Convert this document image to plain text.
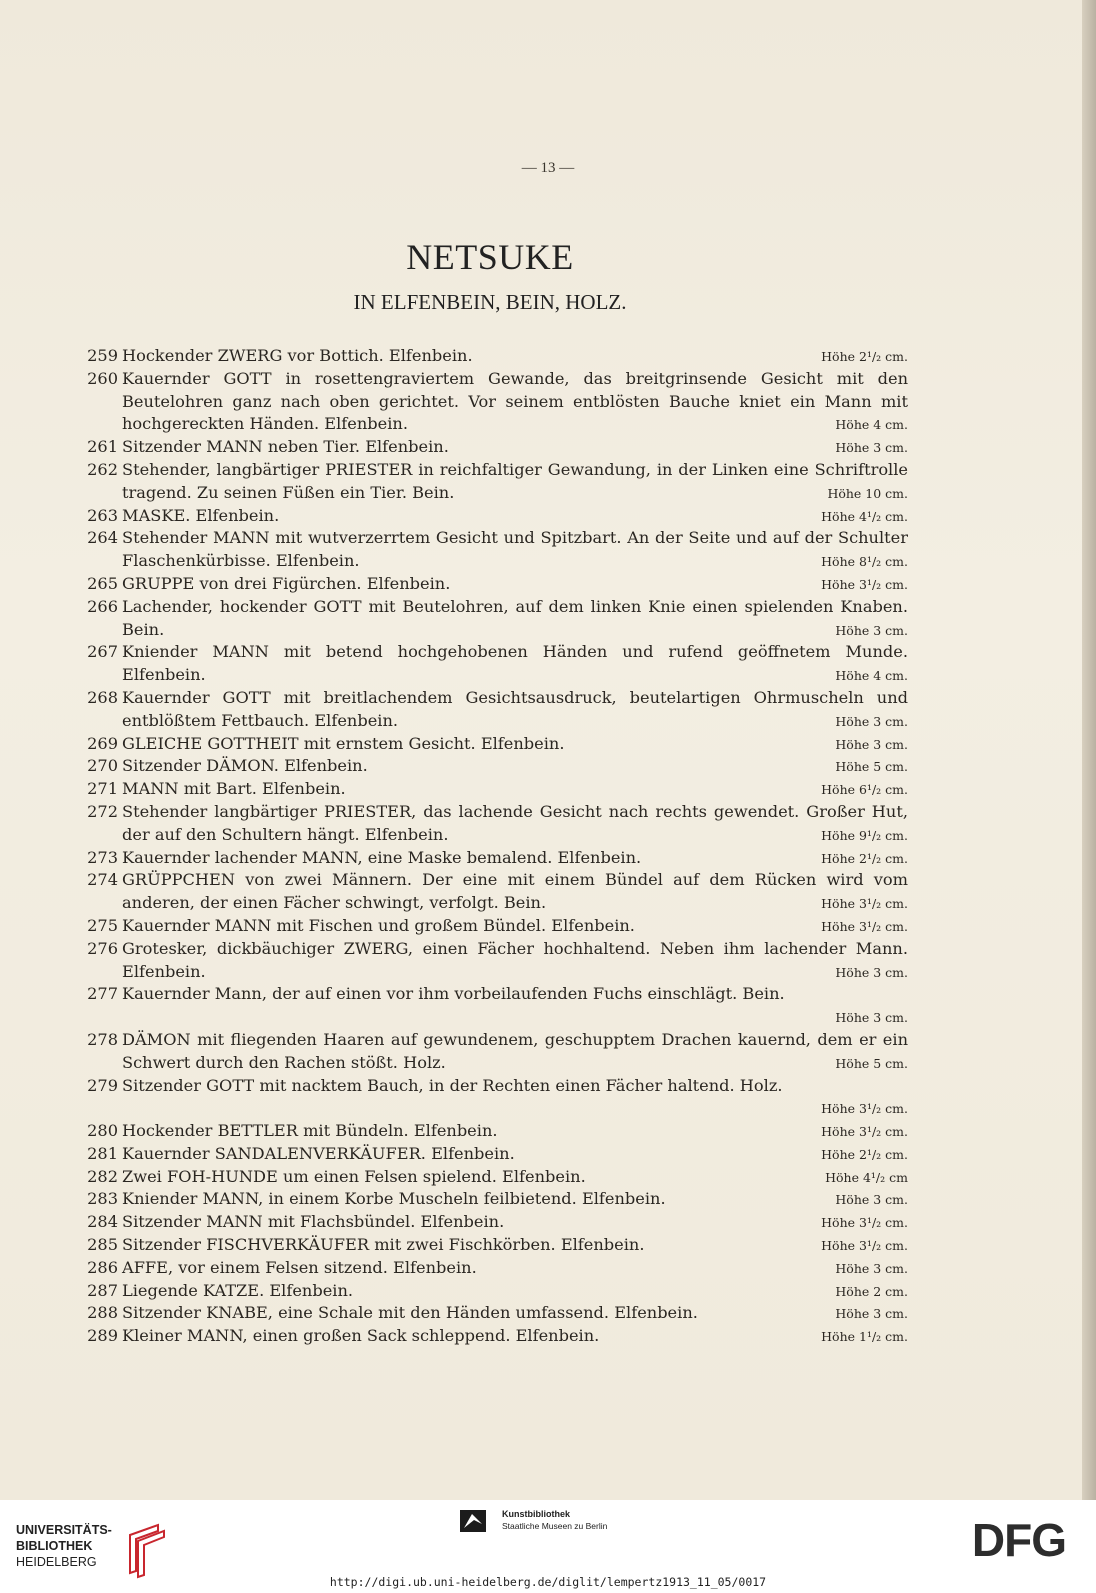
— 13 —
NETSUKE
IN ELFENBEIN, BEIN, HOLZ.
259 Hockender ZWERG vor Bottich. Elfenbein.	Höhe 2¹/₂ cm.
260 Kauernder GOTT in rosettengraviertem Gewande, das breitgrinsende Gesicht mit den Beutelohren ganz nach oben gerichtet. Vor seinem entblösten Bauche kniet ein Mann mit hochgereckten Händen. Elfenbein.	Höhe 4 cm.
261 Sitzender MANN neben Tier. Elfenbein.	Höhe 3 cm.
262 Stehender, langbärtiger PRIESTER in reichfaltiger Gewandung, in der Linken eine Schriftrolle tragend. Zu seinen Füßen ein Tier. Bein.	Höhe 10 cm.
263 MASKE. Elfenbein.	Höhe 4¹/₂ cm.
264 Stehender MANN mit wutverzerrtem Gesicht und Spitzbart. An der Seite und auf der Schulter Flaschenkürbisse. Elfenbein.	Höhe 8¹/₂ cm.
265 GRUPPE von drei Figürchen. Elfenbein.	Höhe 3¹/₂ cm.
266 Lachender, hockender GOTT mit Beutelohren, auf dem linken Knie einen spielenden Knaben. Bein.	Höhe 3 cm.
267 Kniender MANN mit betend hochgehobenen Händen und rufend geöffnetem Munde. Elfenbein.	Höhe 4 cm.
268 Kauernder GOTT mit breitlachendem Gesichtsausdruck, beutelartigen Ohrmuscheln und entblößtem Fettbauch. Elfenbein.	Höhe 3 cm.
269 GLEICHE GOTTHEIT mit ernstem Gesicht. Elfenbein.	Höhe 3 cm.
270 Sitzender DÄMON. Elfenbein.	Höhe 5 cm.
271 MANN mit Bart. Elfenbein.	Höhe 6¹/₂ cm.
272 Stehender langbärtiger PRIESTER, das lachende Gesicht nach rechts gewendet. Großer Hut, der auf den Schultern hängt. Elfenbein.	Höhe 9¹/₂ cm.
273 Kauernder lachender MANN, eine Maske bemalend. Elfenbein.	Höhe 2¹/₂ cm.
274 GRÜPPCHEN von zwei Männern. Der eine mit einem Bündel auf dem Rücken wird vom anderen, der einen Fächer schwingt, verfolgt. Bein.	Höhe 3¹/₂ cm.
275 Kauernder MANN mit Fischen und großem Bündel. Elfenbein.	Höhe 3¹/₂ cm.
276 Grotesker, dickbäuchiger ZWERG, einen Fächer hochhaltend. Neben ihm lachender Mann. Elfenbein.	Höhe 3 cm.
277 Kauernder Mann, der auf einen vor ihm vorbeilaufenden Fuchs einschlägt. Bein.
Höhe 3 cm.
278 DÄMON mit fliegenden Haaren auf gewundenem, geschupptem Drachen kauernd, dem er ein Schwert durch den Rachen stößt. Holz.	Höhe 5 cm.
279 Sitzender GOTT mit nacktem Bauch, in der Rechten einen Fächer haltend. Holz.
Höhe 3¹/₂ cm.
280 Hockender BETTLER mit Bündeln. Elfenbein.	Höhe 3¹/₂ cm.
281 Kauernder SANDALENVERKÄUFER. Elfenbein.	Höhe 2¹/₂ cm.
282 Zwei FOH-HUNDE um einen Felsen spielend. Elfenbein.	Höhe 4¹/₂ cm
283 Kniender MANN, in einem Korbe Muscheln feilbietend. Elfenbein.	Höhe 3 cm.
284 Sitzender MANN mit Flachsbündel. Elfenbein.	Höhe 3¹/₂ cm.
285 Sitzender FISCHVERKÄUFER mit zwei Fischkörben. Elfenbein.	Höhe 3¹/₂ cm.
286 AFFE, vor einem Felsen sitzend. Elfenbein.	Höhe 3 cm.
287 Liegende KATZE. Elfenbein.	Höhe 2 cm.
288 Sitzender KNABE, eine Schale mit den Händen umfassend. Elfenbein.	Höhe 3 cm.
289 Kleiner MANN, einen großen Sack schleppend. Elfenbein.	Höhe 1¹/₂ cm.
UNIVERSITÄTS-
BIBLIOTHEK
HEIDELBERG
Kunstbibliothek
Staatliche Museen zu Berlin	DFG
http://digi.ub.uni-heidelberg.de/diglit/lempertz1913_11_05/0017
